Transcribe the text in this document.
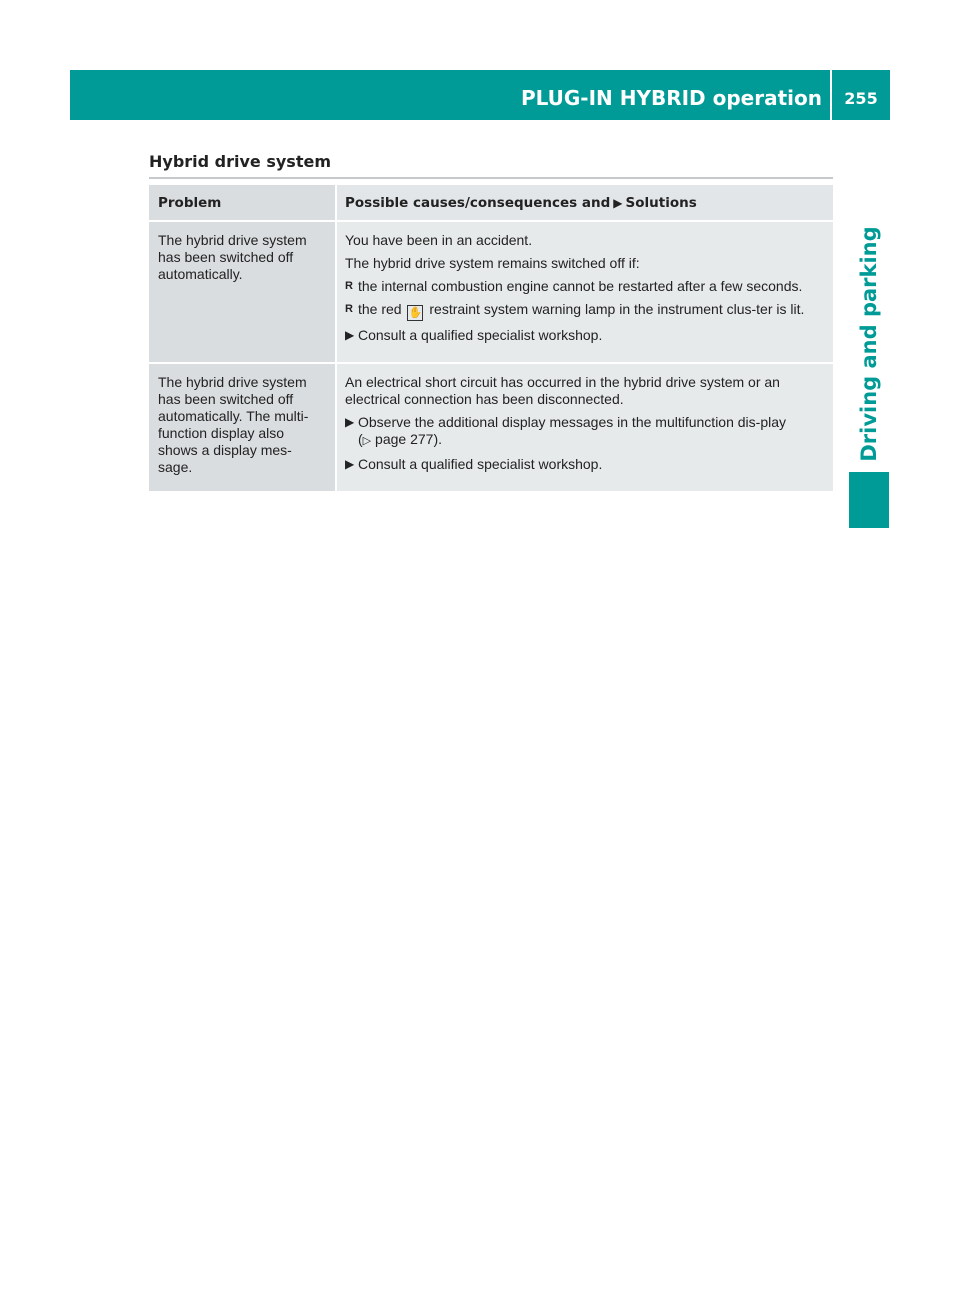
PLUG-IN HYBRID operation	255
Driving and parking
Hybrid drive system
Problem	Possible causes/consequences and ▶ Solutions
The hybrid drive system has been switched off automatically.

You have been in an accident.

The hybrid drive system remains switched off if:

R the internal combustion engine cannot be restarted after a few seconds.
R the red ✋ restraint system warning lamp in the instrument clus-ter is lit.
▶ Consult a qualified specialist workshop.
The hybrid drive system has been switched off automatically. The multi-function display also shows a display mes-sage.

An electrical short circuit has occurred in the hybrid drive system or an electrical connection has been disconnected.

▶ Observe the additional display messages in the multifunction dis-play (▷ page 277).
▶ Consult a qualified specialist workshop.
